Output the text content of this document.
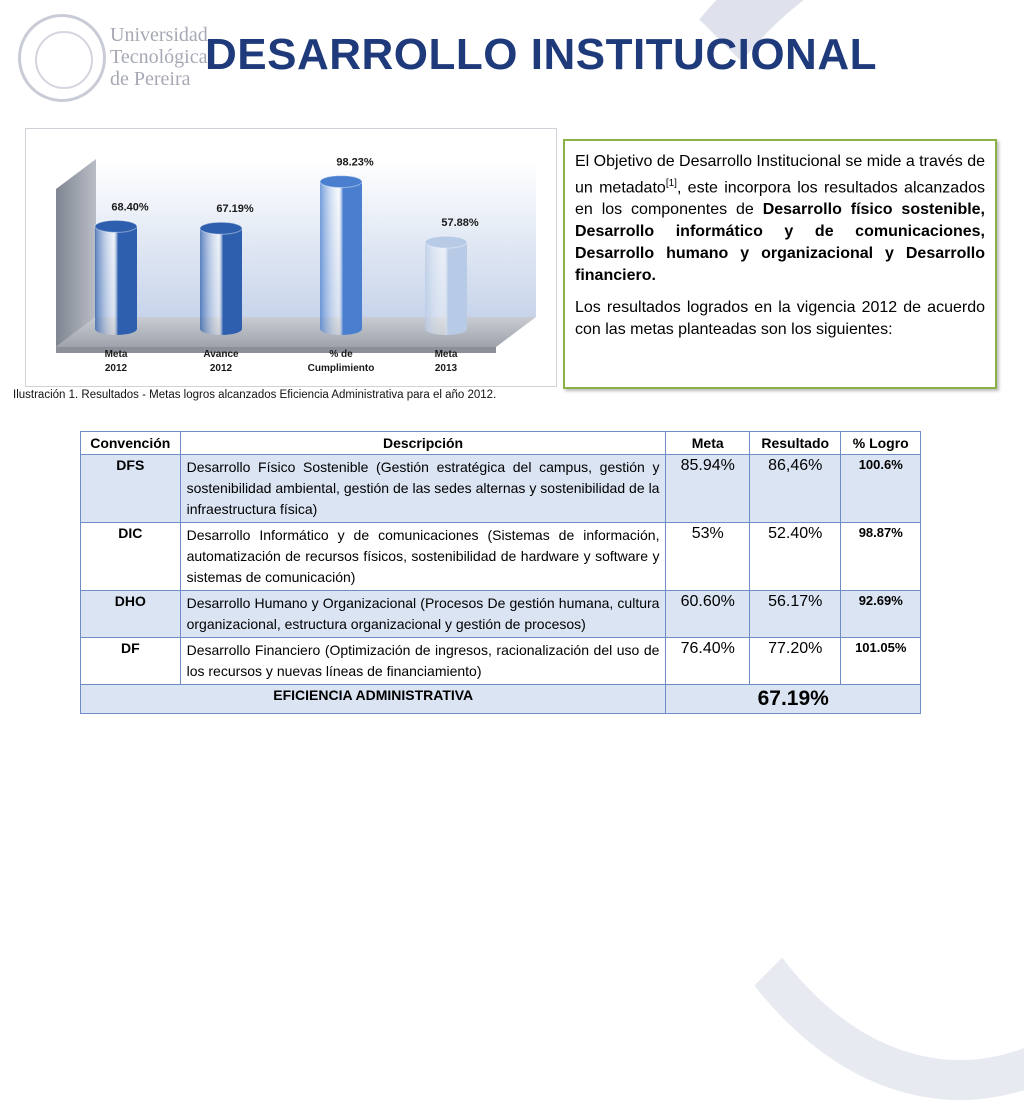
Universidad
Tecnológica
de Pereira DESARROLLO INSTITUCIONAL
68.40%
Meta
2012
67.19%
Avance
2012
98.23%
% de
Cumplimiento
57.88%
Meta
2013
Ilustración 1. Resultados - Metas logros alcanzados Eficiencia Administrativa para el año 2012.

El Objetivo de Desarrollo Institucional se mide a través de un metadato[1], este incorpora los resultados alcanzados en los componentes de Desarrollo físico sostenible, Desarrollo informático y de comunicaciones, Desarrollo humano y organizacional y Desarrollo financiero.

Los resultados logrados en la vigencia 2012 de acuerdo con las metas planteadas son los siguientes:

Convención	Descripción	Meta	Resultado	% Logro
DFS	Desarrollo Físico Sostenible (Gestión estratégica del campus, gestión y sostenibilidad ambiental, gestión de las sedes alternas y sostenibilidad de la infraestructura física)	85.94%	86,46%	100.6%
DIC	Desarrollo Informático y de comunicaciones (Sistemas de información, automatización de recursos físicos, sostenibilidad de hardware y software y sistemas de comunicación)	53%	52.40%	98.87%
DHO	Desarrollo Humano y Organizacional (Procesos De gestión humana, cultura organizacional, estructura organizacional y gestión de procesos)	60.60%	56.17%	92.69%
DF	Desarrollo Financiero (Optimización de ingresos, racionalización del uso de los recursos y nuevas líneas de financiamiento)	76.40%	77.20%	101.05%
EFICIENCIA ADMINISTRATIVA		67.19%		
